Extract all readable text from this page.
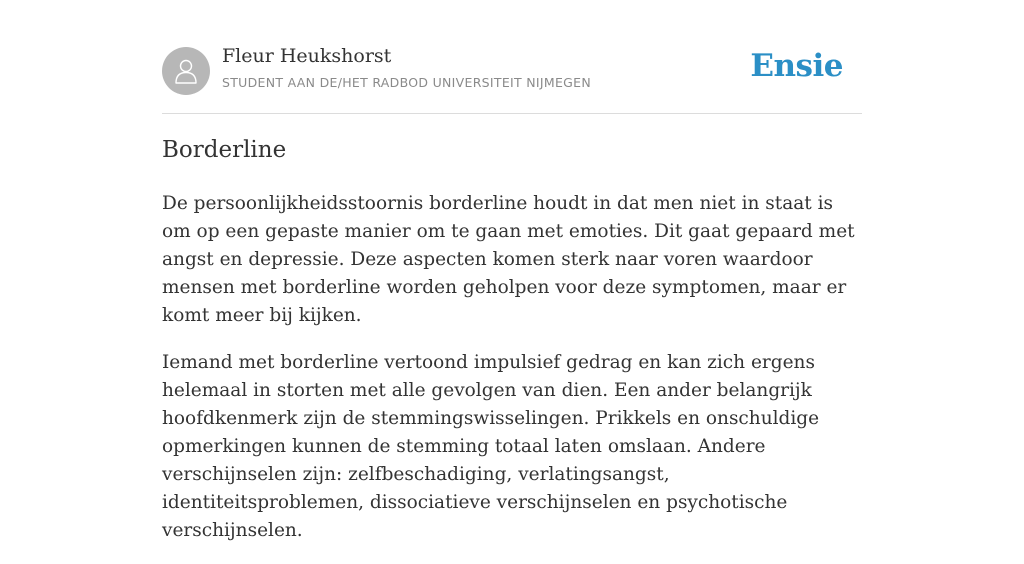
Fleur Heukshorst
STUDENT AAN DE/HET RADBOD UNIVERSITEIT NIJMEGEN	Ensie
Borderline

De persoonlijkheidsstoornis borderline houdt in dat men niet in staat is om op een gepaste manier om te gaan met emoties. Dit gaat gepaard met angst en depressie. Deze aspecten komen sterk naar voren waardoor mensen met borderline worden geholpen voor deze symptomen, maar er komt meer bij kijken.

Iemand met borderline vertoond impulsief gedrag en kan zich ergens helemaal in storten met alle gevolgen van dien. Een ander belangrijk hoofdkenmerk zijn de stemmingswisselingen. Prikkels en onschuldige opmerkingen kunnen de stemming totaal laten omslaan. Andere verschijnselen zijn: zelfbeschadiging, verlatingsangst, identiteitsproblemen, dissociatieve verschijnselen en psychotische verschijnselen.
